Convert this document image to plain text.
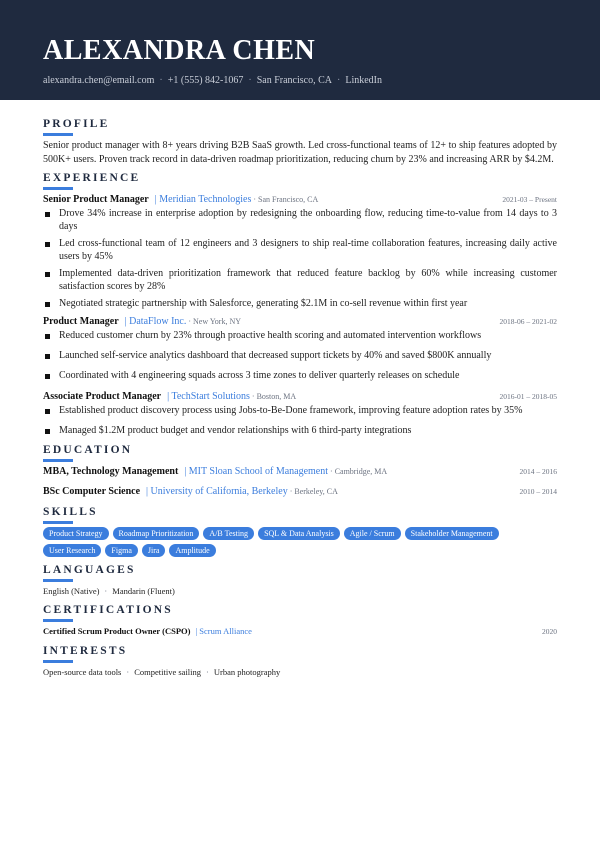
ALEXANDRA CHEN
alexandra.chen@email.com · +1 (555) 842-1067 · San Francisco, CA · LinkedIn
PROFILE
Senior product manager with 8+ years driving B2B SaaS growth. Led cross-functional teams of 12+ to ship features adopted by 500K+ users. Proven track record in data-driven roadmap prioritization, reducing churn by 23% and increasing ARR by $4.2M.
EXPERIENCE
Senior Product Manager | Meridian Technologies · San Francisco, CA	2021-03 – Present
Drove 34% increase in enterprise adoption by redesigning the onboarding flow, reducing time-to-value from 14 days to 3 days
Led cross-functional team of 12 engineers and 3 designers to ship real-time collaboration features, increasing daily active users by 45%
Implemented data-driven prioritization framework that reduced feature backlog by 60% while increasing customer satisfaction scores by 28%
Negotiated strategic partnership with Salesforce, generating $2.1M in co-sell revenue within first year
Product Manager | DataFlow Inc. · New York, NY	2018-06 – 2021-02
Reduced customer churn by 23% through proactive health scoring and automated intervention workflows
Launched self-service analytics dashboard that decreased support tickets by 40% and saved $800K annually
Coordinated with 4 engineering squads across 3 time zones to deliver quarterly releases on schedule
Associate Product Manager | TechStart Solutions · Boston, MA	2016-01 – 2018-05
Established product discovery process using Jobs-to-Be-Done framework, improving feature adoption rates by 35%
Managed $1.2M product budget and vendor relationships with 6 third-party integrations
EDUCATION
MBA, Technology Management | MIT Sloan School of Management · Cambridge, MA	2014 – 2016
BSc Computer Science | University of California, Berkeley · Berkeley, CA	2010 – 2014
SKILLS
Product Strategy	Roadmap Prioritization	A/B Testing	SQL & Data Analysis	Agile / Scrum	Stakeholder Management
User Research	Figma	Jira	Amplitude
LANGUAGES
English (Native) · Mandarin (Fluent)
CERTIFICATIONS
Certified Scrum Product Owner (CSPO) | Scrum Alliance	2020
INTERESTS
Open-source data tools · Competitive sailing · Urban photography
